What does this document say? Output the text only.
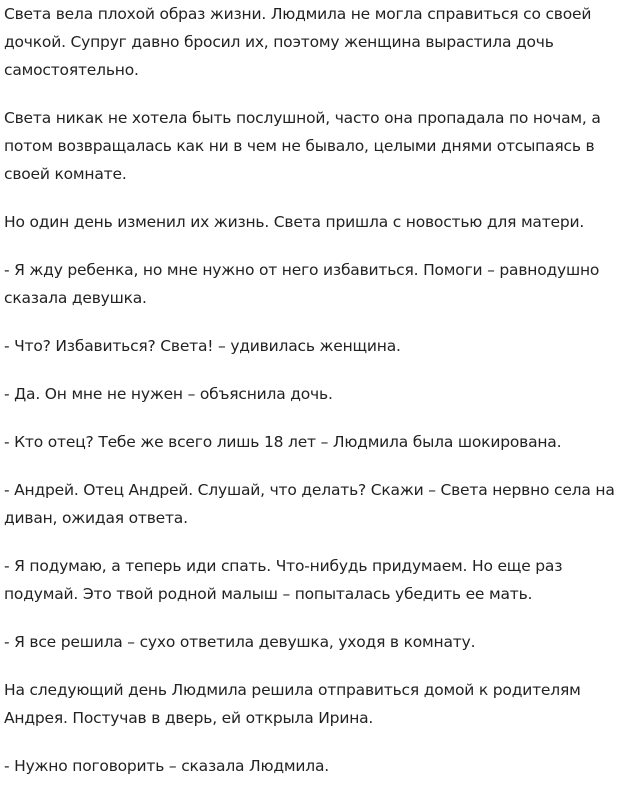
Света вела плохой образ жизни. Людмила не могла справиться со своей дочкой. Супруг давно бросил их, поэтому женщина вырастила дочь самостоятельно.

Света никак не хотела быть послушной, часто она пропадала по ночам, а потом возвращалась как ни в чем не бывало, целыми днями отсыпаясь в своей комнате.

Но один день изменил их жизнь. Света пришла с новостью для матери.

- Я жду ребенка, но мне нужно от него избавиться. Помоги – равнодушно сказала девушка.

- Что? Избавиться? Света! – удивилась женщина.

- Да. Он мне не нужен – объяснила дочь.

- Кто отец? Тебе же всего лишь 18 лет – Людмила была шокирована.

- Андрей. Отец Андрей. Слушай, что делать? Скажи – Света нервно села на диван, ожидая ответа.

- Я подумаю, а теперь иди спать. Что-нибудь придумаем. Но еще раз подумай. Это твой родной малыш – попыталась убедить ее мать.

- Я все решила – сухо ответила девушка, уходя в комнату.

На следующий день Людмила решила отправиться домой к родителям Андрея. Постучав в дверь, ей открыла Ирина.

- Нужно поговорить – сказала Людмила.
